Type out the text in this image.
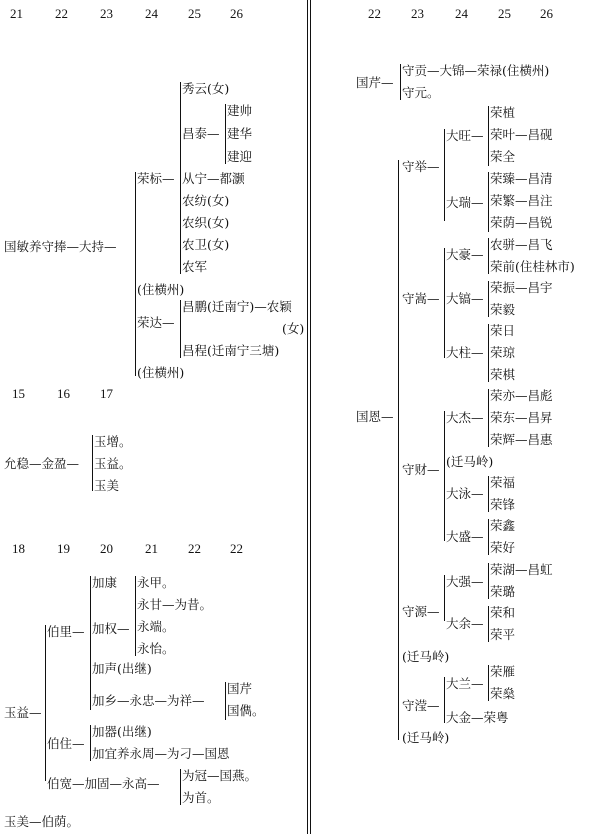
21 22 23 24 25 26
国敏养守捧—大持—
荣标—
秀云(女)
昌泰—
建帅
建华
建迎
从宁—都灏
农纺(女)
农织(女)
农卫(女)
农军
(住横州)
荣达—
昌鹏(迁南宁)—农颖
(女)
昌程(迁南宁三塘)
(住横州)
15 16 17
允稳—金盈—
玉增。
玉益。
玉美
18 19 20 21 22 22
玉益—
伯里—
加康
加权—
永甲。
永甘—为昔。
永端。
永怡。
加声(出继)
加乡—永忠—为祥—
国芹
国儁。
伯住—
加器(出继)
加宜养永周—为刁—国恩
伯宽—加固—永高—
为冠—国燕。
为首。
玉美—伯荫。
22 23 24 25 26
国芹—
守贡—大锦—荣禄(住横州)
守元。
国恩—
守举—
大旺—
荣植
荣叶—昌砚
荣全
大瑞—
荣臻—昌清
荣繁—昌注
荣荫—昌锐
守嵩—
大豪—
农骈—昌飞
荣前(住桂林市)
大镐—
荣振—昌宇
荣毅
大柱—
荣日
荣琼
荣棋
守财—
大杰—
荣亦—昌彪
荣东—昌昇
荣辉—昌惠
(迁马岭)
大泳—
荣福
荣锋
大盛—
荣鑫
荣好
守源—
大强—
荣湖—昌虹
荣璐
大余—
荣和
荣平
(迁马岭)
守滢—
大兰—
荣雁
荣燊
大金—荣粤
(迁马岭)
